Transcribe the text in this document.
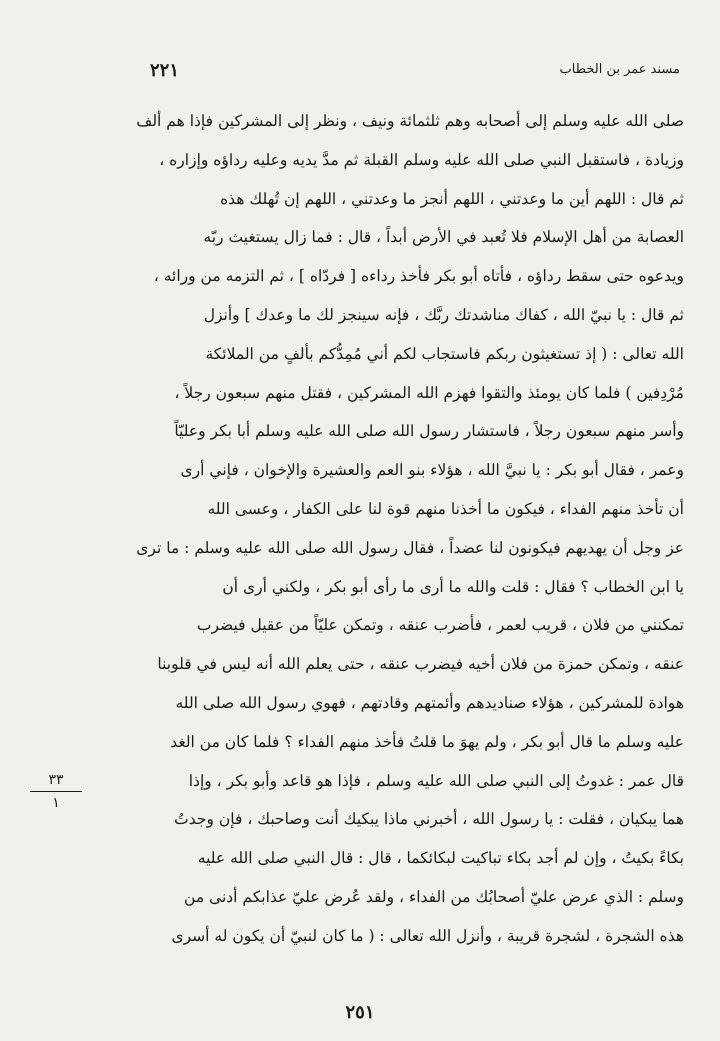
مسند عمر بن الخطاب
٢٢١
صلى الله عليه وسلم إلى أصحابه وهم ثلثمائة ونيف ، ونظر إلى المشركين فإذا هم ألف
وزيادة ، فاستقبل النبي صلى الله عليه وسلم القبلة ثم مدَّ يديه وعليه رداؤه وإزاره ،
ثم قال : اللهم أين ما وعدتني ، اللهم أنجز ما وعدتني ، اللهم إن تُهلك هذه
العصابة من أهل الإسلام فلا تُعبد في الأرض أبداً ، قال : فما زال يستغيث ربّه
ويدعوه حتى سقط رداؤه ، فأتاه أبو بكر فأخذ رداءه [ فردّاه ] ، ثم التزمه من ورائه ،
ثم قال : يا نبيّ الله ، كفاك مناشدتك ربَّك ، فإنه سينجز لك ما وعدك ] وأنزل
الله تعالى : ( إذ تستغيثون ربكم فاستجاب لكم أني مُمِدُّكم بألفٍ من الملائكة
مُرْدِفين ) فلما كان يومئذ والتقوا فهزم الله المشركين ، فقتل منهم سبعون رجلاً ،
وأسر منهم سبعون رجلاً ، فاستشار رسول الله صلى الله عليه وسلم أبا بكر وعليّاً
وعمر ، فقال أبو بكر : يا نبيَّ الله ، هؤلاء بنو العم والعشيرة والإخوان ، فإني أرى
أن تأخذ منهم الفداء ، فيكون ما أخذنا منهم قوة لنا على الكفار ، وعسى الله
عز وجل أن يهديهم فيكونون لنا عضداً ، فقال رسول الله صلى الله عليه وسلم : ما ترى
يا ابن الخطاب ؟ فقال : قلت والله ما أرى ما رأى أبو بكر ، ولكني أرى أن
تمكنني من فلان ، قريب لعمر ، فأضرب عنقه ، وتمكن عليّاً من عقيل فيضرب
عنقه ، وتمكن حمزة من فلان أخيه فيضرب عنقه ، حتى يعلم الله أنه ليس في قلوبنا
هوادة للمشركين ، هؤلاء صناديدهم وأئمتهم وقادتهم ، فهوي رسول الله صلى الله
عليه وسلم ما قال أبو بكر ، ولم يهوَ ما قلتُ فأخذ منهم الفداء ؟ فلما كان من الغد
قال عمر : غدوتُ إلى النبي صلى الله عليه وسلم ، فإذا هو قاعد وأبو بكر ، وإذا
هما يبكيان ، فقلت : يا رسول الله ، أخبرني ماذا يبكيك أنت وصاحبك ، فإن وجدتُ
بكاءً بكيتُ ، وإن لم أجد بكاء تباكيت لبكائكما ، قال : قال النبي صلى الله عليه
وسلم : الذي عرض عليّ أصحابُك من الفداء ، ولقد عُرض عليّ عذابكم أدنى من
هذه الشجرة ، لشجرة قريبة ، وأنزل الله تعالى : ( ما كان لنبيّ أن يكون له أسرى
٣٣
١
٢٥١
